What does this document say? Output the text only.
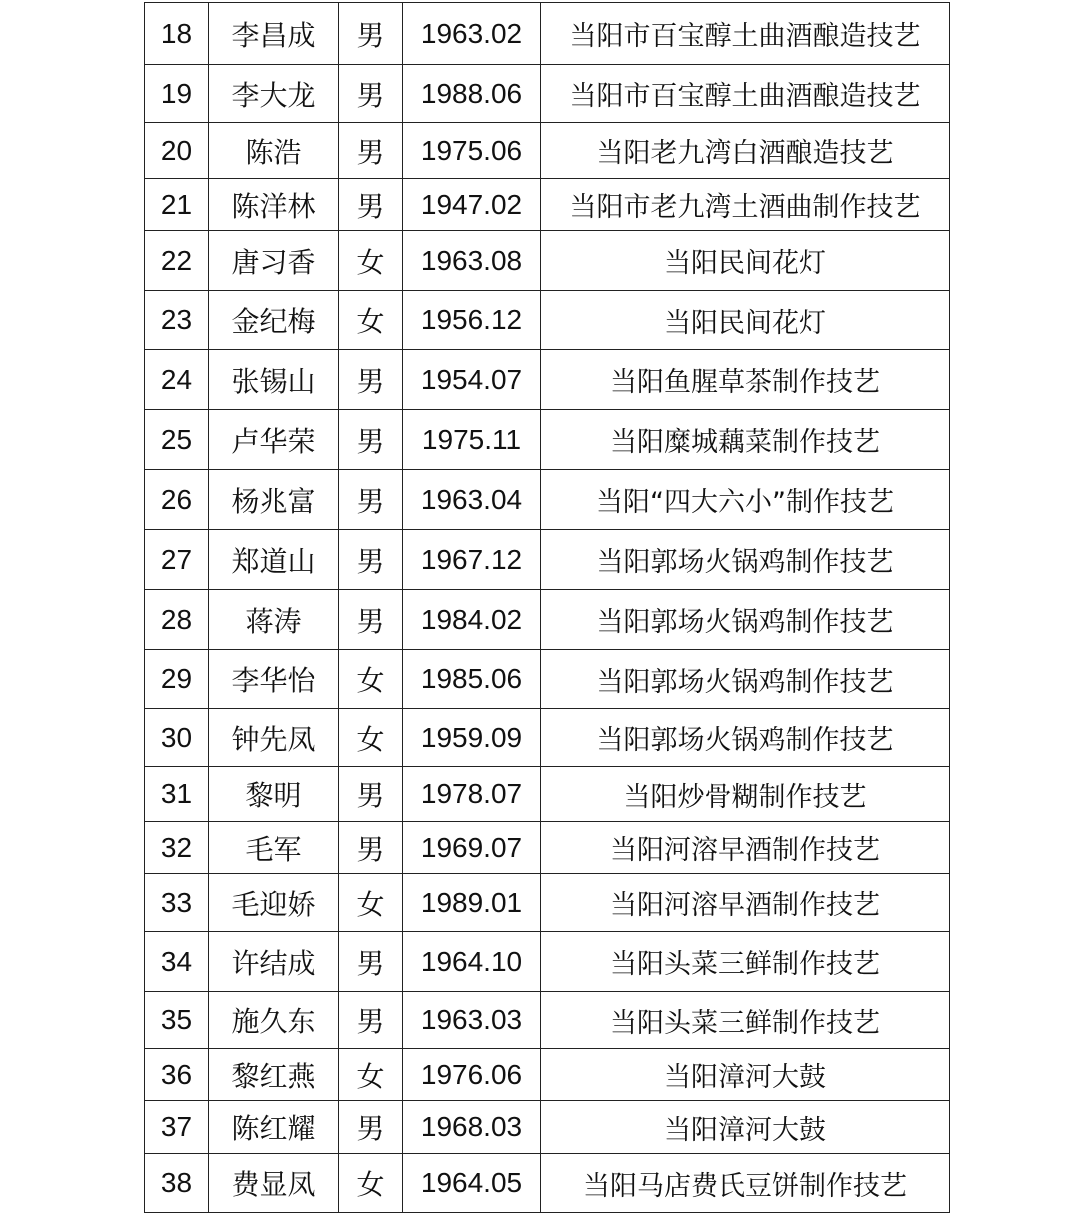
18	李昌成	男	1963.02	当阳市百宝醇土曲酒酿造技艺
19	李大龙	男	1988.06	当阳市百宝醇土曲酒酿造技艺
20	陈浩	男	1975.06	当阳老九湾白酒酿造技艺
21	陈洋林	男	1947.02	当阳市老九湾土酒曲制作技艺
22	唐习香	女	1963.08	当阳民间花灯
23	金纪梅	女	1956.12	当阳民间花灯
24	张锡山	男	1954.07	当阳鱼腥草茶制作技艺
25	卢华荣	男	1975.11	当阳糜城藕菜制作技艺
26	杨兆富	男	1963.04	当阳“四大六小”制作技艺
27	郑道山	男	1967.12	当阳郭场火锅鸡制作技艺
28	蒋涛	男	1984.02	当阳郭场火锅鸡制作技艺
29	李华怡	女	1985.06	当阳郭场火锅鸡制作技艺
30	钟先凤	女	1959.09	当阳郭场火锅鸡制作技艺
31	黎明	男	1978.07	当阳炒骨糊制作技艺
32	毛军	男	1969.07	当阳河溶早酒制作技艺
33	毛迎娇	女	1989.01	当阳河溶早酒制作技艺
34	许结成	男	1964.10	当阳头菜三鲜制作技艺
35	施久东	男	1963.03	当阳头菜三鲜制作技艺
36	黎红燕	女	1976.06	当阳漳河大鼓
37	陈红耀	男	1968.03	当阳漳河大鼓
38	费显凤	女	1964.05	当阳马店费氏豆饼制作技艺
